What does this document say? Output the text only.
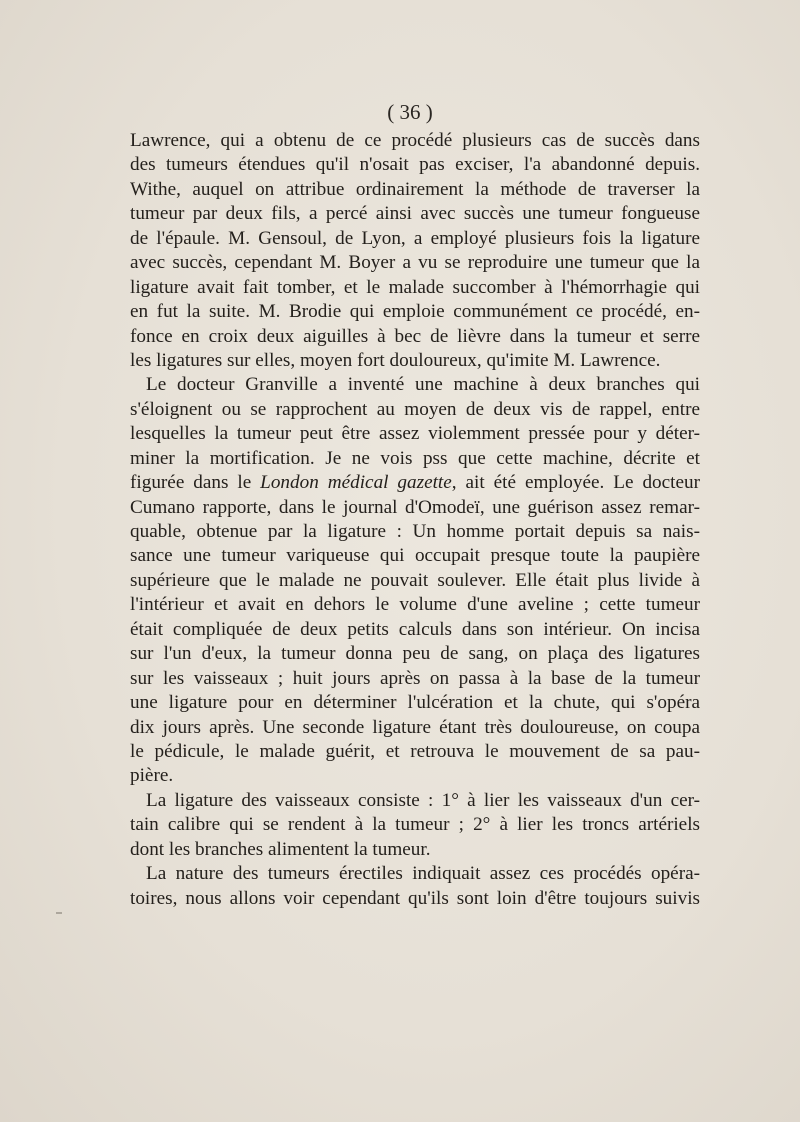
( 36 )
Lawrence, qui a obtenu de ce procédé plusieurs cas de succès dans
des tumeurs étendues qu'il n'osait pas exciser, l'a abandonné depuis.
Withe, auquel on attribue ordinairement la méthode de traverser la
tumeur par deux fils, a percé ainsi avec succès une tumeur fongueuse
de l'épaule. M. Gensoul, de Lyon, a employé plusieurs fois la ligature
avec succès, cependant M. Boyer a vu se reproduire une tumeur que la
ligature avait fait tomber, et le malade succomber à l'hémorrhagie qui
en fut la suite. M. Brodie qui emploie communément ce procédé, en-
fonce en croix deux aiguilles à bec de lièvre dans la tumeur et serre
les ligatures sur elles, moyen fort douloureux, qu'imite M. Lawrence.
Le docteur Granville a inventé une machine à deux branches qui
s'éloignent ou se rapprochent au moyen de deux vis de rappel, entre
lesquelles la tumeur peut être assez violemment pressée pour y déter-
miner la mortification. Je ne vois pss que cette machine, décrite et
figurée dans le London médical gazette, ait été employée. Le docteur
Cumano rapporte, dans le journal d'Omodeï, une guérison assez remar-
quable, obtenue par la ligature : Un homme portait depuis sa nais-
sance une tumeur variqueuse qui occupait presque toute la paupière
supérieure que le malade ne pouvait soulever. Elle était plus livide à
l'intérieur et avait en dehors le volume d'une aveline ; cette tumeur
était compliquée de deux petits calculs dans son intérieur. On incisa
sur l'un d'eux, la tumeur donna peu de sang, on plaça des ligatures
sur les vaisseaux ; huit jours après on passa à la base de la tumeur
une ligature pour en déterminer l'ulcération et la chute, qui s'opéra
dix jours après. Une seconde ligature étant très douloureuse, on coupa
le pédicule, le malade guérit, et retrouva le mouvement de sa pau-
pière.
La ligature des vaisseaux consiste : 1° à lier les vaisseaux d'un cer-
tain calibre qui se rendent à la tumeur ; 2° à lier les troncs artériels
dont les branches alimentent la tumeur.
La nature des tumeurs érectiles indiquait assez ces procédés opéra-
toires, nous allons voir cependant qu'ils sont loin d'être toujours suivis
